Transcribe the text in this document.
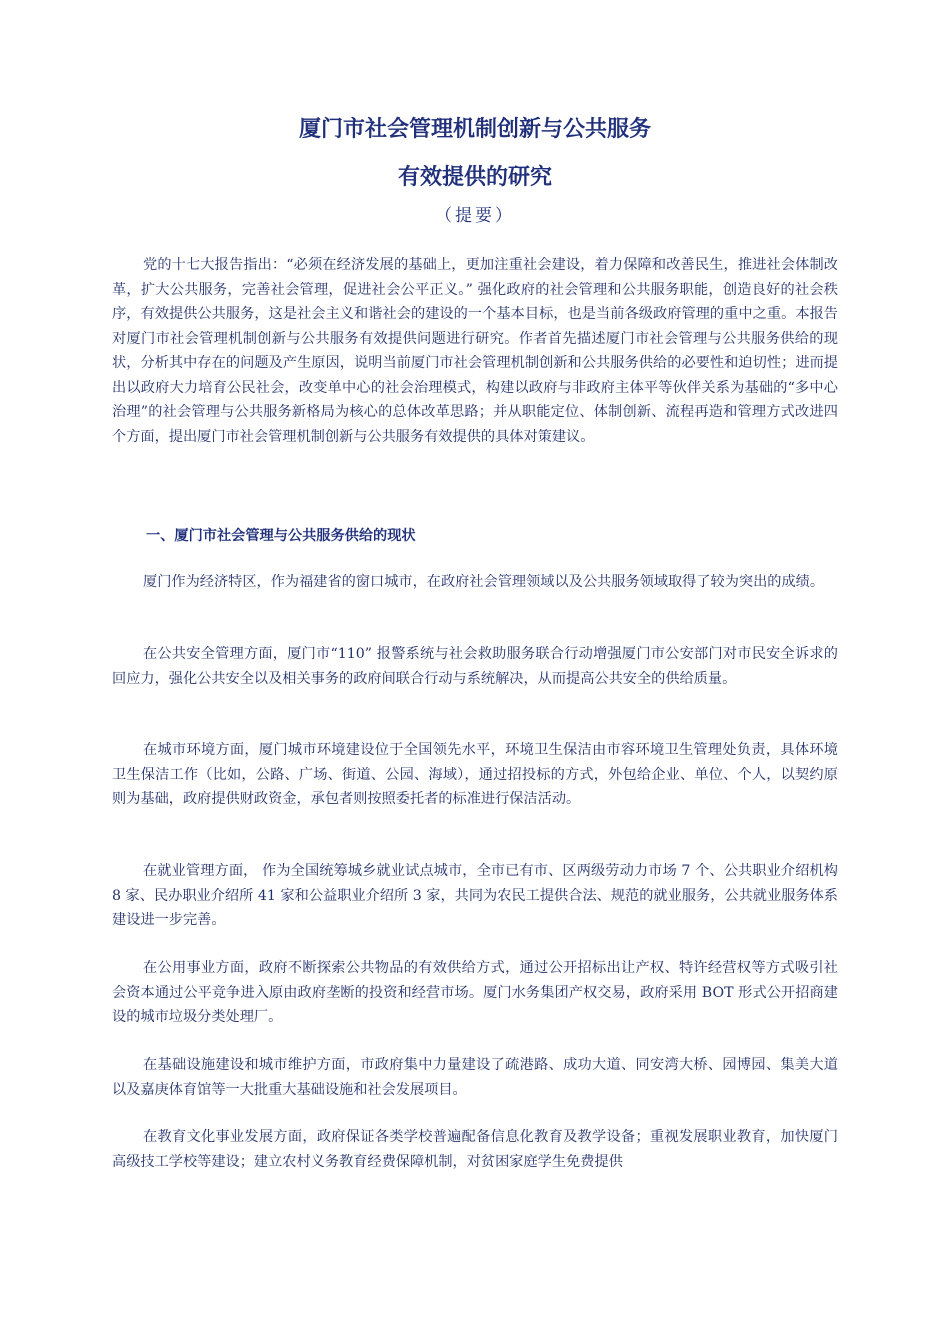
厦门市社会管理机制创新与公共服务
有效提供的研究
（提要）

党的十七大报告指出：“必须在经济发展的基础上，更加注重社会建设，着力保障和改善民生，推进社会体制改革，扩大公共服务，完善社会管理，促进社会公平正义。” 强化政府的社会管理和公共服务职能，创造良好的社会秩序，有效提供公共服务，这是社会主义和谐社会的建设的一个基本目标，也是当前各级政府管理的重中之重。本报告对厦门市社会管理机制创新与公共服务有效提供问题进行研究。作者首先描述厦门市社会管理与公共服务供给的现状，分析其中存在的问题及产生原因，说明当前厦门市社会管理机制创新和公共服务供给的必要性和迫切性；进而提出以政府大力培育公民社会，改变单中心的社会治理模式，构建以政府与非政府主体平等伙伴关系为基础的“多中心治理”的社会管理与公共服务新格局为核心的总体改革思路；并从职能定位、体制创新、流程再造和管理方式改进四个方面，提出厦门市社会管理机制创新与公共服务有效提供的具体对策建议。

一、厦门市社会管理与公共服务供给的现状

厦门作为经济特区，作为福建省的窗口城市，在政府社会管理领域以及公共服务领域取得了较为突出的成绩。

在公共安全管理方面，厦门市“110” 报警系统与社会救助服务联合行动增强厦门市公安部门对市民安全诉求的回应力，强化公共安全以及相关事务的政府间联合行动与系统解决，从而提高公共安全的供给质量。

在城市环境方面，厦门城市环境建设位于全国领先水平，环境卫生保洁由市容环境卫生管理处负责，具体环境卫生保洁工作（比如，公路、广场、街道、公园、海域），通过招投标的方式，外包给企业、单位、个人，以契约原则为基础，政府提供财政资金，承包者则按照委托者的标准进行保洁活动。

在就业管理方面， 作为全国统筹城乡就业试点城市，全市已有市、区两级劳动力市场 7 个、公共职业介绍机构 8 家、民办职业介绍所 41 家和公益职业介绍所 3 家，共同为农民工提供合法、规范的就业服务，公共就业服务体系建设进一步完善。

在公用事业方面，政府不断探索公共物品的有效供给方式，通过公开招标出让产权、特许经营权等方式吸引社会资本通过公平竞争进入原由政府垄断的投资和经营市场。厦门水务集团产权交易，政府采用 BOT 形式公开招商建设的城市垃圾分类处理厂。

在基础设施建设和城市维护方面，市政府集中力量建设了疏港路、成功大道、同安湾大桥、园博园、集美大道以及嘉庚体育馆等一大批重大基础设施和社会发展项目。

在教育文化事业发展方面，政府保证各类学校普遍配备信息化教育及教学设备；重视发展职业教育，加快厦门高级技工学校等建设；建立农村义务教育经费保障机制，对贫困家庭学生免费提供
